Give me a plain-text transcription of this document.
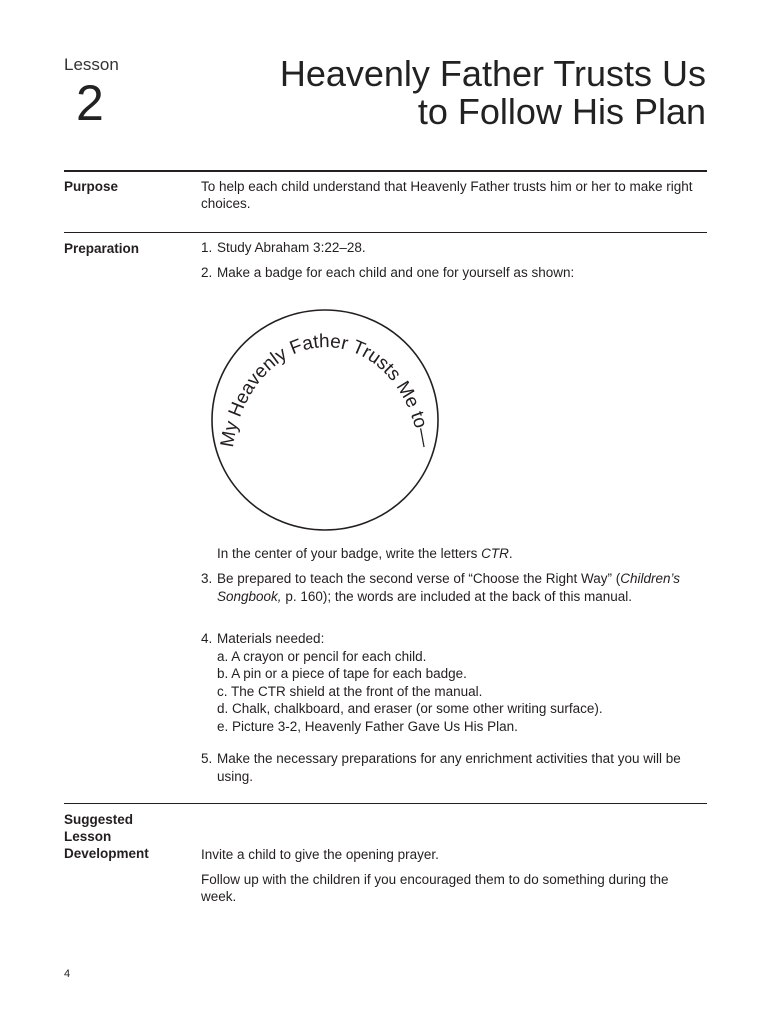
Lesson
2
Heavenly Father Trusts Us
to Follow His Plan
Purpose	To help each child understand that Heavenly Father trusts him or her to make right choices.
Preparation	1. Study Abraham 3:22–28.
2. Make a badge for each child and one for yourself as shown:
My Heavenly Father Trusts Me to—
In the center of your badge, write the letters CTR.
3. Be prepared to teach the second verse of “Choose the Right Way” (Children’s Songbook, p. 160); the words are included at the back of this manual.
4. Materials needed:
a. A crayon or pencil for each child.
b. A pin or a piece of tape for each badge.
c. The CTR shield at the front of the manual.
d. Chalk, chalkboard, and eraser (or some other writing surface).
e. Picture 3-2, Heavenly Father Gave Us His Plan.
5. Make the necessary preparations for any enrichment activities that you will be using.
Suggested
Lesson
Development	Invite a child to give the opening prayer.
Follow up with the children if you encouraged them to do something during the week.
4
